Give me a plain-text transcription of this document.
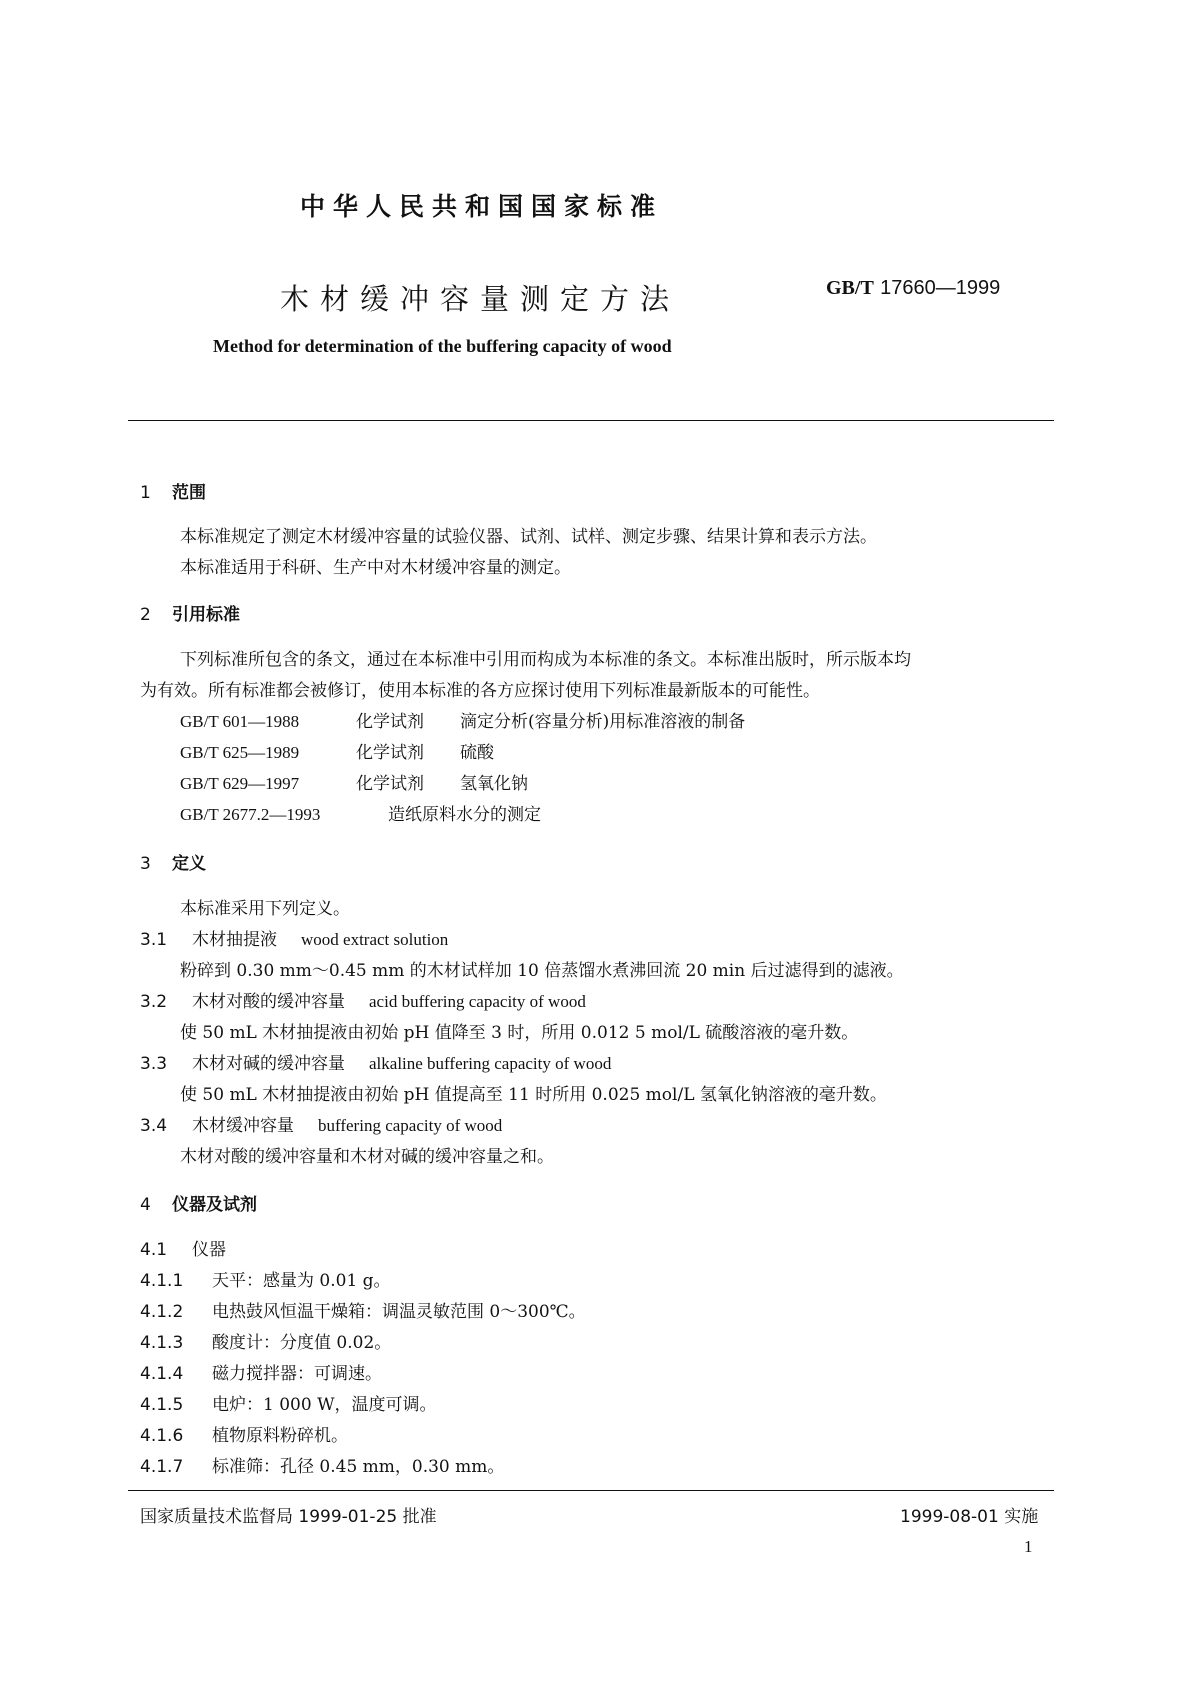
中华人民共和国国家标准
木材缓冲容量测定方法	GB/T 17660—1999
Method for determination of the buffering capacity of wood
1 范围
本标准规定了测定木材缓冲容量的试验仪器、试剂、试样、测定步骤、结果计算和表示方法。
本标准适用于科研、生产中对木材缓冲容量的测定。
2 引用标准
下列标准所包含的条文，通过在本标准中引用而构成为本标准的条文。本标准出版时，所示版本均
为有效。所有标准都会被修订，使用本标准的各方应探讨使用下列标准最新版本的可能性。
GB/T 601—1988	化学试剂 滴定分析(容量分析)用标准溶液的制备
GB/T 625—1989	化学试剂 硫酸
GB/T 629—1997	化学试剂 氢氧化钠
GB/T 2677.2—1993	造纸原料水分的测定
3 定义
本标准采用下列定义。
3.1 木材抽提液 wood extract solution
粉碎到 0.30 mm～0.45 mm 的木材试样加 10 倍蒸馏水煮沸回流 20 min 后过滤得到的滤液。
3.2 木材对酸的缓冲容量 acid buffering capacity of wood
使 50 mL 木材抽提液由初始 pH 值降至 3 时，所用 0.012 5 mol/L 硫酸溶液的毫升数。
3.3 木材对碱的缓冲容量 alkaline buffering capacity of wood
使 50 mL 木材抽提液由初始 pH 值提高至 11 时所用 0.025 mol/L 氢氧化钠溶液的毫升数。
3.4 木材缓冲容量 buffering capacity of wood
木材对酸的缓冲容量和木材对碱的缓冲容量之和。
4 仪器及试剂
4.1 仪器
4.1.1 天平：感量为 0.01 g。
4.1.2 电热鼓风恒温干燥箱：调温灵敏范围 0～300℃。
4.1.3 酸度计：分度值 0.02。
4.1.4 磁力搅拌器：可调速。
4.1.5 电炉：1 000 W，温度可调。
4.1.6 植物原料粉碎机。
4.1.7 标准筛：孔径 0.45 mm，0.30 mm。
国家质量技术监督局 1999-01-25 批准	1999-08-01 实施
1
